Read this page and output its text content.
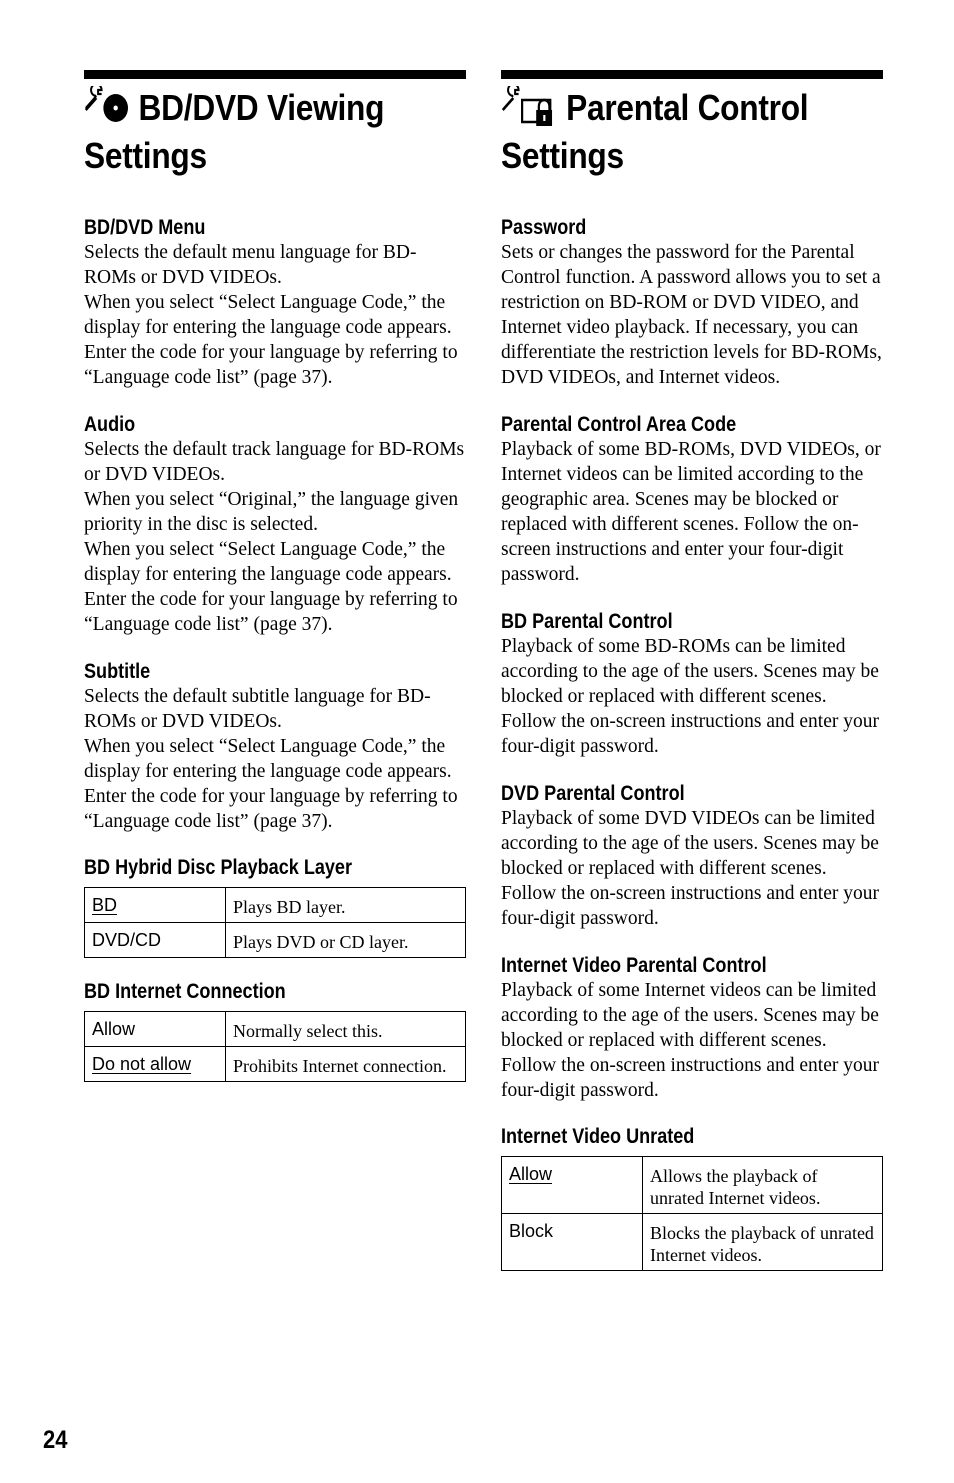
BD/DVD Viewing Settings
BD/DVD Menu

Selects the default menu language for BD-ROMs or DVD VIDEOs.

When you select “Select Language Code,” the display for entering the language code appears. Enter the code for your language by referring to “Language code list” (page 37).

Audio

Selects the default track language for BD-ROMs or DVD VIDEOs.

When you select “Original,” the language given priority in the disc is selected.

When you select “Select Language Code,” the display for entering the language code appears. Enter the code for your language by referring to “Language code list” (page 37).

Subtitle

Selects the default subtitle language for BD-ROMs or DVD VIDEOs.

When you select “Select Language Code,” the display for entering the language code appears. Enter the code for your language by referring to “Language code list” (page 37).

BD Hybrid Disc Playback Layer
BD	Plays BD layer.
DVD/CD	Plays DVD or CD layer.
BD Internet Connection
Allow	Normally select this.
Do not allow	Prohibits Internet connection.
Parental Control Settings
Password

Sets or changes the password for the Parental Control function. A password allows you to set a restriction on BD-ROM or DVD VIDEO, and Internet video playback. If necessary, you can differentiate the restriction levels for BD-ROMs, DVD VIDEOs, and Internet videos.

Parental Control Area Code

Playback of some BD-ROMs, DVD VIDEOs, or Internet videos can be limited according to the geographic area. Scenes may be blocked or replaced with different scenes. Follow the on-screen instructions and enter your four-digit password.

BD Parental Control

Playback of some BD-ROMs can be limited according to the age of the users. Scenes may be blocked or replaced with different scenes. Follow the on-screen instructions and enter your four-digit password.

DVD Parental Control

Playback of some DVD VIDEOs can be limited according to the age of the users. Scenes may be blocked or replaced with different scenes. Follow the on-screen instructions and enter your four-digit password.

Internet Video Parental Control

Playback of some Internet videos can be limited according to the age of the users. Scenes may be blocked or replaced with different scenes. Follow the on-screen instructions and enter your four-digit password.

Internet Video Unrated
Allow	Allows the playback of unrated Internet videos.
Block	Blocks the playback of unrated Internet videos.
24
